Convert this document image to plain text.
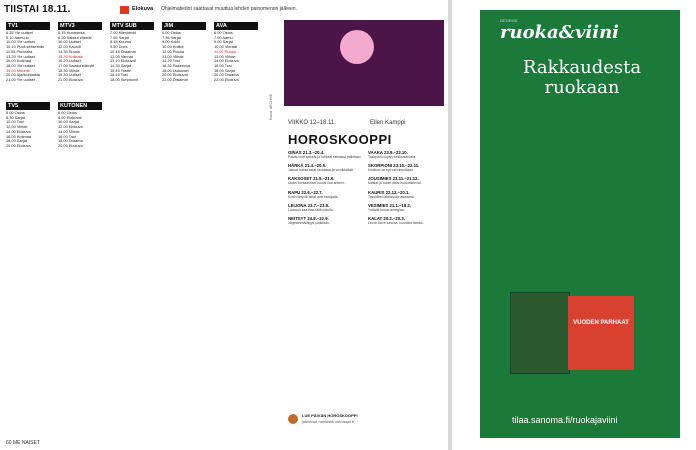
TIISTAI 18.11.	Elokuva Ohjelmatiedot saattavat muuttua lehden painomenon jälkeen.
TV1
6.35 Yle uutiset
9.10 Aamu-tv
10.00 Yle uutiset
10.10 Puoli seitsemän
11.55 Puutarha
13.20 Yle uutiset
16.00 Kotimaa
18.00 Yle uutiset
19.00 Muumit
20.00 Ajankohtaista
21.00 Yle uutiset
MTV3
6.15 Huomenta
8.20 Salatut elämät
10.00 Uutiset
12.00 Kauniit
14.30 Suurin
15.30 Kotikatu
16.20 Uutiset
17.00 Salatut elämät
18.30 Viihde
19.30 Uutiset
21.00 Elokuva
MTV SUB
7.00 Mieshenki
7.55 Sarjat
8.45 Kuuma
9.50 Docs
10.45 Draamat
12.05 Vanhat
13.10 Elokuvat
14.30 Sarjat
15.45 Tositv
16.40 Tosi
18.00 Simpsonit
JIM
6.00 Ostos
7.35 Sarjat
9.00 Kokki
10.00 Kotilot
12.00 Ruoka
13.00 Viihde
14.20 Tosi
16.30 Rakennus
18.00 Uutuudet
20.00 Elokuvat
22.00 Draamat
AVA
6.00 Ostos
7.00 Aamu
9.00 Sarjat
10.00 Vieraat
11.00 Ruoka
13.00 Viihde
14.00 Elokuva
16.00 Tosi
18.00 Sarjat
20.00 Draama
22.00 Elokuva
TV5
5.00 Ostos
8.30 Sarjat
10.00 Tosi
12.00 Viihde
14.00 Elokuva
16.00 Kotimaa
18.00 Sarjat
20.00 Elokuva
KUTONEN
6.00 Ostos
8.00 Elokuvat
10.00 Sarjat
12.00 Elokuva
14.00 Viihde
16.00 Tosi
18.00 Draama
20.00 Elokuva
Kuvat: ARCHIVE
VIIKKO 12–18.11.	Ellen Kamppi
HOROSKOOPPI
OINAS 21.3.–20.4.
Päivät ovat selkeät ja rohkeat ratkaisut palkitaan.
HÄRKÄ 21.4.–20.5.
Jaksat hoitaa asiat rauhassa ja sinnikkäästi.
KAKSOSET 21.5.–21.6.
Uudet kohtaamiset tuovat iloa arkeen.
RAPU 22.6.–22.7.
Kotiin liittyvät asiat ovat etusijalla.
LEIJONA 23.7.–23.8.
Luovuus saa tilaa tällä viikolla.
NEITSYT 24.8.–22.9.
Järjestelmällisyys palkitaan.
VAAKA 23.9.–22.10.
Tasapaino löytyy keskusteluista.
SKORPIONI 23.10.–22.11.
Intuitiosi on nyt vahvimmillaan.
JOUSIMIES 23.11.–21.12.
Matkat ja uudet ideat houkuttelevat.
KAURIS 22.12.–20.1.
Tavoitteet lähestyvät tasaisesti.
VESIMIES 21.1.–19.2.
Ystävät tuovat energiaa.
KALAT 20.2.–20.3.
Levon tarve kasvaa, kuuntele itseäsi.
LUE PÄIVÄN HOROSKOOPPI
jokisivun merkistä menaiset.fi
60 ME NAISET
GEORGE
ruoka&viini
Rakkaudesta ruokaan
VUODEN PARHAAT
tilaa.sanoma.fi/ruokajaviini
